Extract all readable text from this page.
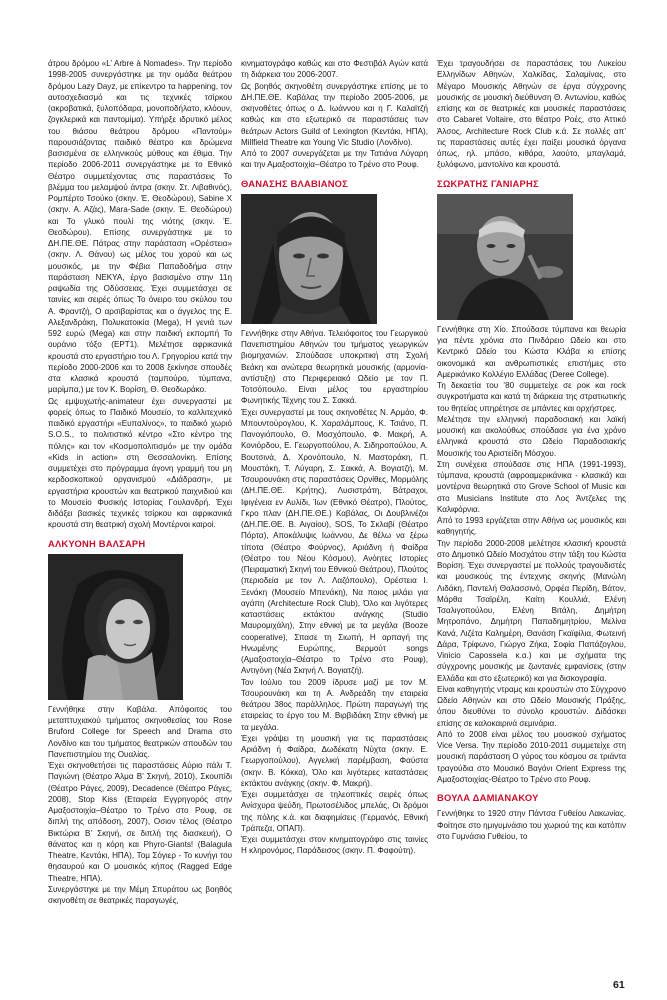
άτρου δρόμου «L’ Arbre à Nomades». Την περίοδο 1998-2005 συνεργάστηκε με την ομάδα θεάτρου δρόμου Lazy Dayz, με επίκεντρο τα happening, τον αυτοσχεδιασμό και τις τεχνικές τσίρκου (ακροβατικά, ξυλοπόδαρα, μονοποδήλατο, κλόουν, ζογκλερικά και παντομίμα). Υπήρξε ιδρυτικό μέλος του θιάσου θεάτρου δρόμου «Παντούμ» παρουσιάζοντας παιδικό θέατρο και δρώμενα βασισμένα σε ελληνικούς μύθους και έθιμα. Την περίοδο 2006-2011 συνεργάστηκε με το Εθνικό Θέατρο συμμετέχοντας στις παραστάσεις Το βλέμμα του μελαμψού άντρα (σκην. Στ. Λιβαθινός), Ρομπέρτο Τσούκο (σκην. Έ. Θεοδώρου), Sabine X (σκην. Α. Αζάς), Mara-Sade (σκην. Έ. Θεοδώρου) και Το γλυκό πουλί της νιότης (σκην. Έ. Θεοδώρου). Επίσης συνεργάστηκε με το ΔΗ.ΠΕ.ΘΕ. Πάτρας στην παράσταση «Ορέστεια» (σκην. Λ. Θάνου) ως μέλος του χορού και ως μουσικός, με την Φέβια Παπαδοδήμα στην παράσταση ΝΕΚΥΑ, έργο βασισμένο στην 11η ραψωδία της Οδύσσειας. Έχει συμμετάσχει σε ταινίες και σειρές όπως Το όνειρο του σκύλου του Α. Φραντζή, Ο αρσιβαρίστας και ο άγγελος της Ε. Αλεξανδράκη, Πολυκατοικία (Mega), Η γενιά των 592 ευρώ (Mega) και στην παιδική εκπομπή Το ουράνιο τόξο (ΕΡΤ1). Μελέτησε αφρικανικά κρουστά στο εργαστήριο του Λ. Γρηγορίου κατά την περίοδο 2000-2006 και το 2008 ξεκίνησε σπουδές στα κλασικά κρουστά (ταμπούρο, τύμπανα, μαρίμπα,) με τον Κ. Βορίση, Θ. Θεοδωράκο.

Ως εμψυχωτής-animateur έχει συνεργαστεί με φορείς όπως το Παιδικό Μουσείο, το καλλιτεχνικό παιδικό εργαστήρι «Ευπαλίνος», το παιδικό χωριό S.O.S., το πολιτιστικό κέντρο «Στο κέντρο της πόλης» και τον «Κοσμοπολιτισμό» με την ομάδα «Kids in action» στη Θεσσαλονίκη. Επίσης συμμετέχει στο πρόγραμμα άγονη γραμμή του μη κερδοσκοπικού οργανισμού «Διάδραση», με εργαστήρια κρουστών και θεατρικού παιχνιδιού και το Μουσείο Φυσικής Ιστορίας Γουλανδρή. Έχει διδάξει βασικές τεχνικές τσίρκου και αφρικανικά κρουστά στη θεατρική σχολή Μοντέρνοι καιροί.

ΑΛΚΥΟΝΗ ΒΑΛΣΑΡΗ

Γεννήθηκε στην Καβάλα. Απόφοιτος του μεταπτυχιακού τμήματος σκηνοθεσίας του Rose Bruford College for Speech and Drama στο Λονδίνο και του τμήματος θεατρικών σπουδών του Πανεπιστημίου της Ουαλίας.

Έχει σκηνοθετήσει τις παραστάσεις Αύριο πάλι Τ. Παγιώνη (Θέατρο Άλμα Β’ Σκηνή, 2010), Σκουπίδι (Θέατρο Ράγες, 2009), Decadence (Θέατρο Ράγες, 2008), Stop Kiss (Εταιρεία Εγγρηγορός στην Αμαξοστοιχία–Θέατρο το Τρένο στο Ρουφ, σε διπλή της απόδοση, 2007), Οσιον τέλος (Θέατρο Βικτώρια Β’ Σκηνή, σε διπλή της διασκευή), Ο θάνατος και η κόρη και Phyro-Giants! (Balagula Theatre, Κεντάκι, ΗΠΑ), Τομ Σόγιερ - Το κυνήγι του θησαυρού και Ο μουσικός κήπος (Ragged Edge Theatre, ΗΠΑ).

Συνεργάστηκε με την Μέμη Σπυράτου ως βοηθός σκηνοθέτη σε θεατρικές παραγωγές,

κινηματογράφο καθώς και στο Φεστιβάλ Αγών κατά τη διάρκεια του 2006-2007.

Ως βοηθός σκηνοθέτη συνεργάστηκε επίσης με το ΔΗ.ΠΕ.ΘΕ. Καβάλας την περίοδο 2005-2006, με σκηνοθέτες όπως ο Δ. Ιωάννου και η Γ. Καλαϊτζή καθώς και στο εξωτερικό σε παραστάσεις των θεάτρων Actors Guild of Lexington (Κεντάκι, ΗΠΑ), Millfield Theatre και Young Vic Studio (Λονδίνο).

Από το 2007 συνεργάζεται με την Τατιάνα Λύγαρη και την Αμαξοστοιχία–Θέατρο το Τρένο στο Ρουφ.

ΘΑΝΑΣΗΣ ΒΛΑΒΙΑΝΟΣ

Γεννήθηκε στην Αθήνα. Τελειόφοιτος του Γεωργικού Πανεπιστημίου Αθηνών του τμήματος γεωργικών βιομηχανιών. Σπούδασε υποκριτική στη Σχολή Βεάκη και ανώτερα θεωρητικά μουσικής (αρμονία-αντίστιξη) στο Περιφερειακό Ωδείο με τον Π. Τοτσόπουλο. Είναι μέλος του εργαστηρίου Φωνητικής Τέχνης του Σ. Σακκά.

Έχει συνεργαστεί με τους σκηνοθέτες Ν. Αρμάο, Φ. Μπουντούρογλου, Κ. Χαραλάμπους, Κ. Τσιάνο, Π. Πανογιόπουλο, Θ. Μοσχόπουλο, Φ. Μακρή, Α. Κονιόρδου, Ε. Γεωργοπούλου, Α. Σιδηροπούλου, Α. Βουτσινά, Δ. Χρονόπουλο, Ν. Μαστοράκη, Π. Μουστάκη, Τ. Λύγαρη, Σ. Σακκά, Α. Βογιατζή, Μ. Τσουρουνάκη στις παραστάσεις Ορνίθες, Μορμόλης (ΔΗ.ΠΕ.ΘΕ. Κρήτης), Λυσιστράτη, Βάτραχοι, Ιφιγένεια εν Αυλίδι, Ίων (Εθνικό Θέατρο), Πλούτος, Γκρο πλαν (ΔΗ.ΠΕ.ΘΕ.) Καβάλας, Οι Δουβλινέζοι (ΔΗ.ΠΕ.ΘΕ. Β. Αιγαίου), SOS, Το Σκλαβί (Θέατρο Πόρτα), Αποκάλυψις Ιωάννου, Δε θέλω να ξέρω τίποτα (Θέατρο Φούρνος), Αριάδνη ή Φαίδρα (Θέατρο του Νέου Κόσμου), Ανόητες Ιστορίες (Πειραματική Σκηνή του Εθνικού Θεάτρου), Πλούτος (περιοδεία με τον Λ. Λαζόπουλο), Ορέστεια Ι. Ξενάκη (Μουσείο Μπενάκη), Να ποιος μιλάει για αγάπη (Architecture Rock Club), Όλο και λιγότερες καταστάσεις εκτάκτου ανάγκης (Studio Μαυρομιχάλη), Στην εθνική με τα μεγάλα (Booze cooperative), Σπασε τη Σιωπή, Η αρπαγή της Ηνωμένης Ευρώπης, Βερμούτ songs (Αμαξοστοιχία–Θέατρο το Τρένο στο Ρουφ), Αντιγόνη (Νέα Σκηνή Λ. Βογιατζή).

Τον Ιούλιο του 2009 ίδρυσε μαζί με τον Μ. Τσουρουνάκη και τη Α. Ανδρεάδη την εταιρεία θεάτρου 38ος παράλληλος. Πρώτη παραγωγή της εταιρείας το έργο του Μ. Βιρβιδάκη Στην εθνική με τα μεγάλα.

Έχει γράψει τη μουσική για τις παραστάσεις Αριάδνη ή Φαίδρα, Δωδέκατη Νύχτα (σκην. Ε. Γεωργοπούλου), Αγγελική παρέμβαση, Φαύστα (σκην. Β. Κόκκα), Όλο και λιγότερες καταστάσεις εκτάκτου ανάγκης (σκην. Φ. Μακρή).

Έχει συμμετάσχει σε τηλεοπτικές σειρές όπως Ανίσχυρα ψεύδη, Πρωτοσέλιδος μπελάς, Οι δρόμοι της πόλης κ.ά. και διαφημίσεις (Γερμανός, Εθνική Τράπεζα, ΟΠΑΠ).

Έχει συμμετάσχει στον κινηματογράφο στις ταινίες Η κληρονόμος, Παράδεισος (σκην. Π. Φαφούτη).

Έχει τραγουδήσει σε παραστάσεις του Λυκείου Ελληνίδων Αθηνών, Χαλκίδας, Σαλαμίνας, στο Μέγαρο Μουσικής Αθηνών σε έργα σύγχρονης μουσικής σε μουσική διεύθυνση Θ. Αντωνίου, καθώς επίσης και σε θεατρικές και μουσικές παραστάσεις στο Cabaret Voltaire, στο θέατρο Ροές, στο Αττικό Άλσος, Architecture Rock Club κ.ά. Σε πολλές απ’ τις παραστάσεις αυτές έχει παίξει μουσικά όργανα όπως, ηλ. μπάσο, κιθάρα, λαούτο, μπαγλαμά, ξυλόφωνο, μαντολίνο και κρουστά.

ΣΩΚΡΑΤΗΣ ΓΑΝΙΑΡΗΣ

Γεννήθηκε στη Χίο. Σπούδασε τύμπανα και θεωρία για πέντε χρόνια στο Πινδάρειο Ωδείο και στο Κεντρικό Ωδείο του Κώστα Κλάβα κι επίσης οικονομικά και ανθρωπιστικές επιστήμες στο Αμερικάνικο Κολλέγιο Ελλάδας (Deree College).

Τη δεκαετία του ’80 συμμετείχε σε ροκ και rock συγκροτήματα και κατά τη διάρκεια της στρατιωτικής του θητείας υπηρέτησε σε μπάντες και ορχήστρες.

Μελέτησε την ελληνική παραδοσιακή και λαϊκή μουσική και ακολούθως σπούδασε για ένα χρόνο ελληνικά κρουστά στο Ωδείο Παραδοσιακής Μουσικής του Αριστείδη Μόσχου.

Στη συνέχεια σπούδασε στις ΗΠΑ (1991-1993), τύμπανα, κρουστά (αφροαμερικάνικα - κλασικά) και μοντέρνα θεωρητικά στο Grove School of Music και στο Musicians Institute στο Λος Άντζελες της Καλιφόρνια.

Από το 1993 εργάζεται στην Αθήνα ως μουσικός και καθηγητής.

Την περίοδο 2000-2008 μελέτησε κλασική κρουστά στο Δημοτικό Ωδείο Μοσχάτου στην τάξη του Κώστα Βορίση. Έχει συνεργαστεί με πολλούς τραγουδιστές και μουσικούς της έντεχνης σκηνής (Μανώλη Λιδάκη, Παντελή Θαλασσινό, Ορφέα Περίδη, Βάτον, Μάρθα Τσαϊρέλη, Καίτη Κουλλιά, Ελένη Τσαλιγοπούλου, Ελένη Βιτάλη, Δημήτρη Μητροπάνο, Δημήτρη Παπαδημητρίου, Μελίνα Κανά, Λιζέτα Καλημέρη, Θανάση Γκαϊφίλια, Φωτεινή Δάρα, Τρίφωνο, Γιώργο Ζήκα, Σοφία Παπάζογλου, Vinicio Capossela κ.α.) και με σχήματα της σύγχρονης μουσικής με ζωντανές εμφανίσεις (στην Ελλάδα και στο εξωτερικό) και για δισκογραφία.

Είναι καθηγητής ντραμς και κρουστών στο Σύγχρονο Ωδείο Αθηνών και στο Ωδείο Μουσικής Πράξης, όπου διευθύνει το σύνολο κρουστών. Διδάσκει επίσης σε καλοκαιρινά σεμινάρια.

Από το 2008 είναι μέλος του μουσικού σχήματος Vice Versa. Την περίοδο 2010-2011 συμμετείχε στη μουσική παράσταση Ο γύρος του κόσμου σε τριάντα τραγούδια στο Μουσικό Βαγόνι Orient Express της Αμαξοστοιχίας-Θέατρο το Τρένο στο Ρουφ.

ΒΟΥΛΑ ΔΑΜΙΑΝΑΚΟΥ

Γεννήθηκε το 1920 στην Πάντσα Γυθείου Λακωνίας. Φοίτησε στο ημιγυμνάσιο του χωριού της και κατόπιν στο Γυμνάσιο Γυθείου, το

61
